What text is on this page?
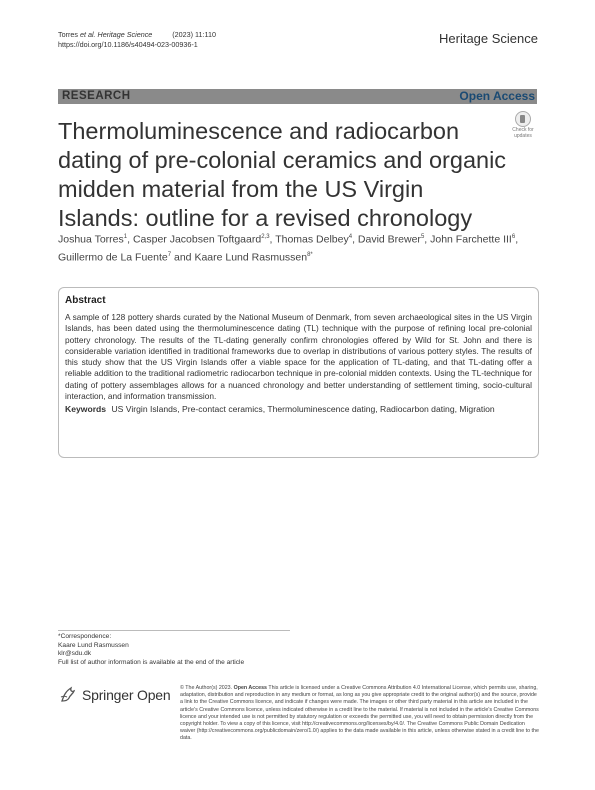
Torres et al. Heritage Science          (2023) 11:110
https://doi.org/10.1186/s40494-023-00936-1	Heritage Science
RESEARCH	Open Access
Check for updates
Thermoluminescence and radiocarbon dating of pre-colonial ceramics and organic midden material from the US Virgin Islands: outline for a revised chronology
Joshua Torres$^1$, Casper Jacobsen Toftgaard$^{2,3}$, Thomas Delbey$^4$, David Brewer$^5$, John Farchette III$^6$, Guillermo de La Fuente$^7$ and Kaare Lund Rasmussen$^{8*}$
Abstract

A sample of 128 pottery shards curated by the National Museum of Denmark, from seven archaeological sites in the US Virgin Islands, has been dated using the thermoluminescence dating (TL) technique with the purpose of refining local pre-colonial pottery chronology. The results of the TL-dating generally confirm chronologies offered by Wild for St. John and there is considerable variation identified in traditional frameworks due to overlap in distributions of various pottery styles. The results of this study show that the US Virgin Islands offer a viable space for the application of TL-dating, and that TL-dating offer a reliable addition to the traditional radiometric radiocarbon technique in pre-colonial midden contexts. Using the TL-technique for dating of pottery assemblages allows for a nuanced chronology and better understanding of settlement timing, socio-cultural interaction, and information transmission.

Keywords US Virgin Islands, Pre-contact ceramics, Thermoluminescence dating, Radiocarbon dating, Migration
*Correspondence:
Kaare Lund Rasmussen
klr@sdu.dk
Full list of author information is available at the end of the article
Springer Open © The Author(s) 2023. Open Access This article is licensed under a Creative Commons Attribution 4.0 International License, which permits use, sharing, adaptation, distribution and reproduction in any medium or format, as long as you give appropriate credit to the original author(s) and the source, provide a link to the Creative Commons licence, and indicate if changes were made. The images or other third party material in this article are included in the article's Creative Commons licence, unless indicated otherwise in a credit line to the material. If material is not included in the article's Creative Commons licence and your intended use is not permitted by statutory regulation or exceeds the permitted use, you will need to obtain permission directly from the copyright holder. To view a copy of this licence, visit http://creativecommons.org/licenses/by/4.0/. The Creative Commons Public Domain Dedication waiver (http://creativecommons.org/publicdomain/zero/1.0/) applies to the data made available in this article, unless otherwise stated in a credit line to the data.
